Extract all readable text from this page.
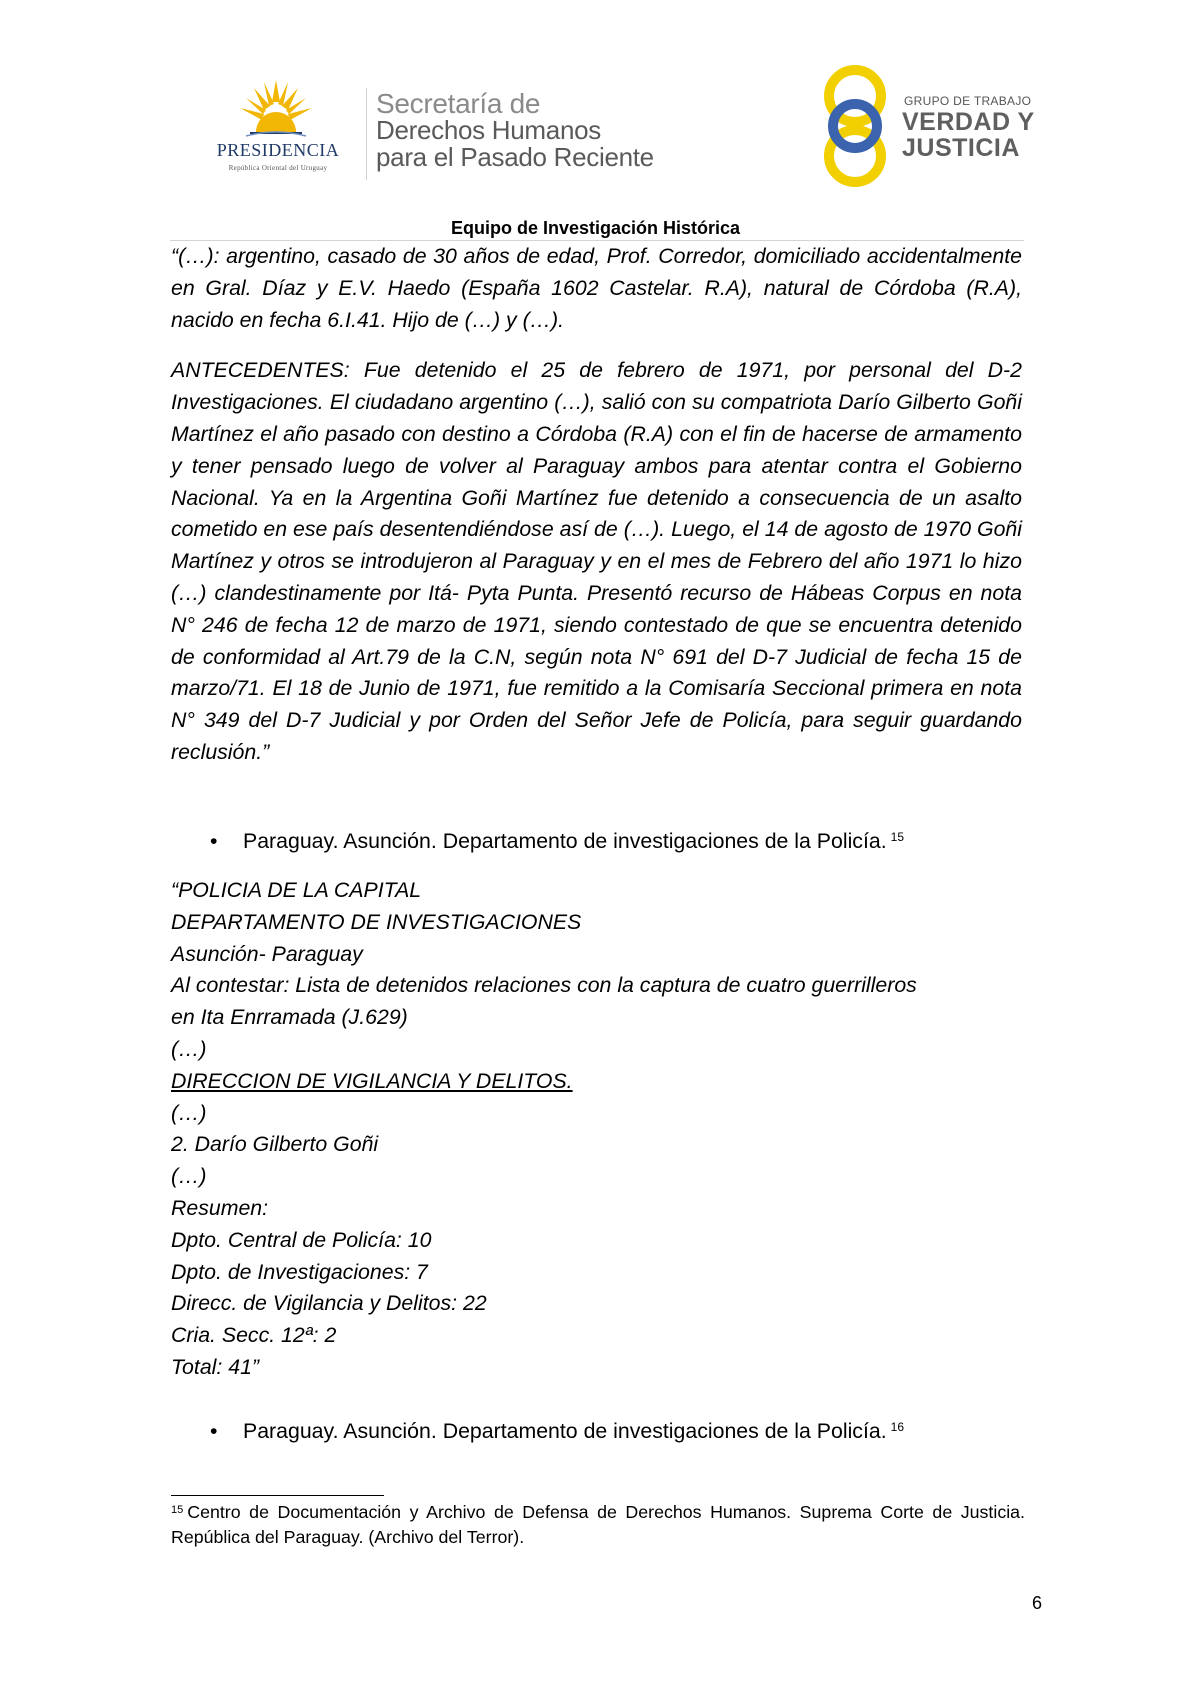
PRESIDENCIA
República Oriental del Uruguay
Secretaría de
Derechos Humanos
para el Pasado Reciente
GRUPO DE TRABAJO
VERDAD Y
JUSTICIA
Equipo de Investigación Histórica

“(…): argentino, casado de 30 años de edad, Prof. Corredor, domiciliado accidentalmente en Gral. Díaz y E.V. Haedo (España 1602 Castelar. R.A), natural de Córdoba (R.A), nacido en fecha 6.I.41. Hijo de (…) y (…).

ANTECEDENTES: Fue detenido el 25 de febrero de 1971, por personal del D-2 Investigaciones. El ciudadano argentino (…), salió con su compatriota Darío Gilberto Goñi Martínez el año pasado con destino a Córdoba (R.A) con el fin de hacerse de armamento y tener pensado luego de volver al Paraguay ambos para atentar contra el Gobierno Nacional. Ya en la Argentina Goñi Martínez fue detenido a consecuencia de un asalto cometido en ese país desentendiéndose así de (…). Luego, el 14 de agosto de 1970 Goñi Martínez y otros se introdujeron al Paraguay y en el mes de Febrero del año 1971 lo hizo (…) clandestinamente por Itá- Pyta Punta. Presentó recurso de Hábeas Corpus en nota N° 246 de fecha 12 de marzo de 1971, siendo contestado de que se encuentra detenido de conformidad al Art.79 de la C.N, según nota N° 691 del D-7 Judicial de fecha 15 de marzo/71. El 18 de Junio de 1971, fue remitido a la Comisaría Seccional primera en nota N° 349 del D-7 Judicial y por Orden del Señor Jefe de Policía, para seguir guardando reclusión.”

• Paraguay. Asunción. Departamento de investigaciones de la Policía. $^{15}$
“POLICIA DE LA CAPITAL
DEPARTAMENTO DE INVESTIGACIONES
Asunción- Paraguay
Al contestar: Lista de detenidos relaciones con la captura de cuatro guerrilleros
en Ita Enrramada (J.629)
(…)
DIRECCION DE VIGILANCIA Y DELITOS.
(…)
2. Darío Gilberto Goñi
(…)
Resumen:
Dpto. Central de Policía: 10
Dpto. de Investigaciones: 7
Direcc. de Vigilancia y Delitos: 22
Cria. Secc. 12ª: 2
Total: 41”
• Paraguay. Asunción. Departamento de investigaciones de la Policía. $^{16}$
$^{15}$ Centro de Documentación y Archivo de Defensa de Derechos Humanos. Suprema Corte de Justicia. República del Paraguay. (Archivo del Terror).
6
